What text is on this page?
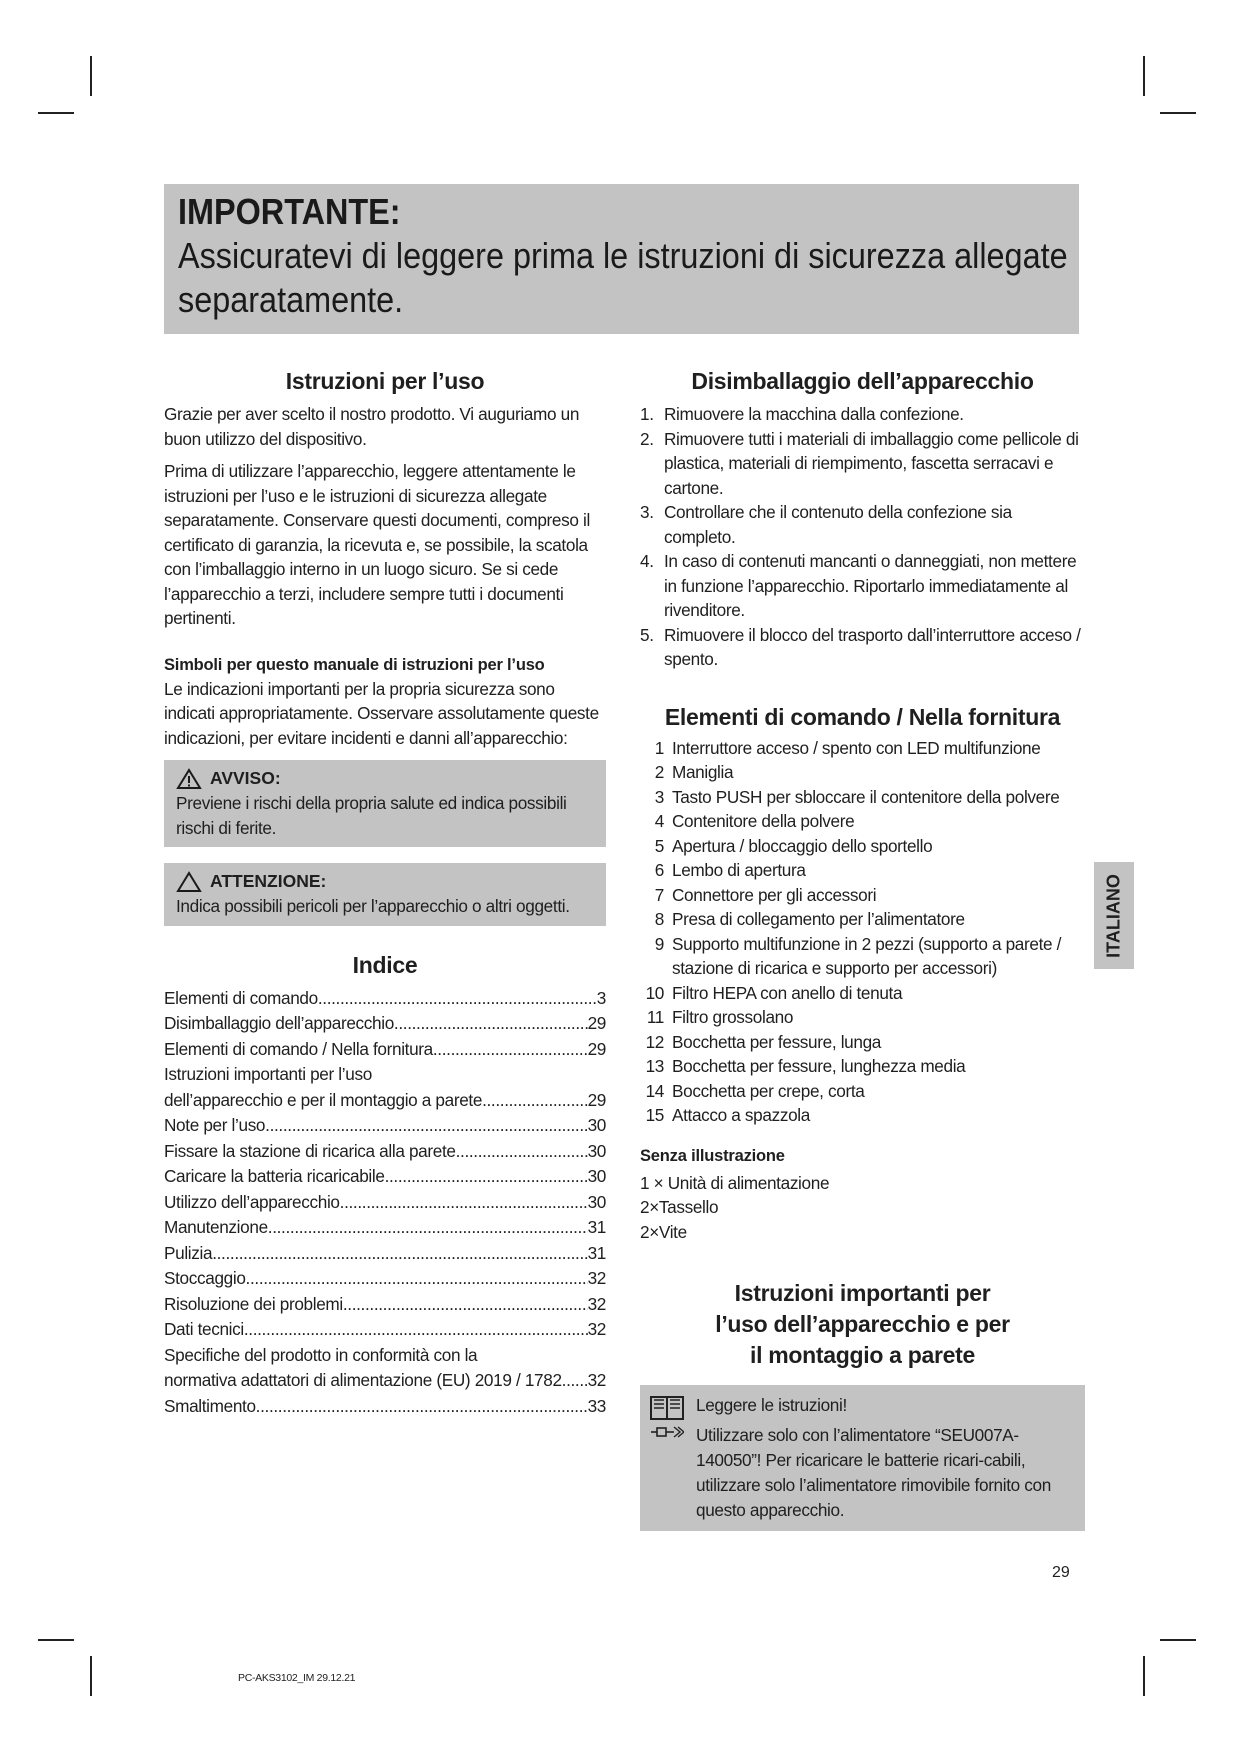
IMPORTANTE:
Assicuratevi di leggere prima le istruzioni di sicurezza allegate separatamente.
Istruzioni per l’uso

Grazie per aver scelto il nostro prodotto. Vi auguriamo un buon utilizzo del dispositivo.

Prima di utilizzare l’apparecchio, leggere attentamente le istruzioni per l’uso e le istruzioni di sicurezza allegate separatamente. Conservare questi documenti, compreso il certificato di garanzia, la ricevuta e, se possibile, la scatola con l’imballaggio interno in un luogo sicuro. Se si cede l’apparecchio a terzi, includere sempre tutti i documenti pertinenti.

Simboli per questo manuale di istruzioni per l’uso

Le indicazioni importanti per la propria sicurezza sono indicati appropriatamente. Osservare assolutamente queste indicazioni, per evitare incidenti e danni all’apparecchio:

AVVISO:

Previene i rischi della propria salute ed indica possibili rischi di ferite.

ATTENZIONE:

Indica possibili pericoli per l’apparecchio o altri oggetti.

Indice
Elementi di comando .....	3
Disimballaggio dell’apparecchio .....	29
Elementi di comando / Nella fornitura .....	29
Istruzioni importanti per l’uso
dell’apparecchio e per il montaggio a parete .....	29
Note per l’uso .....	30
Fissare la stazione di ricarica alla parete .....	30
Caricare la batteria ricaricabile .....	30
Utilizzo dell’apparecchio .....	30
Manutenzione .....	31
Pulizia .....	31
Stoccaggio .....	32
Risoluzione dei problemi .....	32
Dati tecnici .....	32
Specifiche del prodotto in conformità con la
normativa adattatori di alimentazione (EU) 2019 / 1782 ..... 32
Smaltimento .....	33
Disimballaggio dell’apparecchio
1. Rimuovere la macchina dalla confezione.
2. Rimuovere tutti i materiali di imballaggio come pellicole di plastica, materiali di riempimento, fascetta serracavi e cartone.
3. Controllare che il contenuto della confezione sia completo.
4. In caso di contenuti mancanti o danneggiati, non mettere in funzione l’apparecchio. Riportarlo immediatamente al rivenditore.
5. Rimuovere il blocco del trasporto dall’interruttore acceso / spento.
Elementi di comando / Nella fornitura
1 Interruttore acceso / spento con LED multifunzione
2 Maniglia
3 Tasto PUSH per sbloccare il contenitore della polvere
4 Contenitore della polvere
5 Apertura / bloccaggio dello sportello
6 Lembo di apertura
7 Connettore per gli accessori
8 Presa di collegamento per l’alimentatore
9 Supporto multifunzione in 2 pezzi (supporto a parete / stazione di ricarica e supporto per accessori)
10 Filtro HEPA con anello di tenuta
11 Filtro grossolano
12 Bocchetta per fessure, lunga
13 Bocchetta per fessure, lunghezza media
14 Bocchetta per crepe, corta
15 Attacco a spazzola
Senza illustrazione

1 × Unità di alimentazione

2×Tassello

2×Vite

Istruzioni importanti per
l’uso dell’apparecchio e per
il montaggio a parete
Leggere le istruzioni!
Utilizzare solo con l’alimentatore “SEU007A-140050”! Per ricaricare le batterie ricari-cabili, utilizzare solo l’alimentatore rimovibile fornito con questo apparecchio.
ITALIANO
29
PC-AKS3102_IM 29.12.21
